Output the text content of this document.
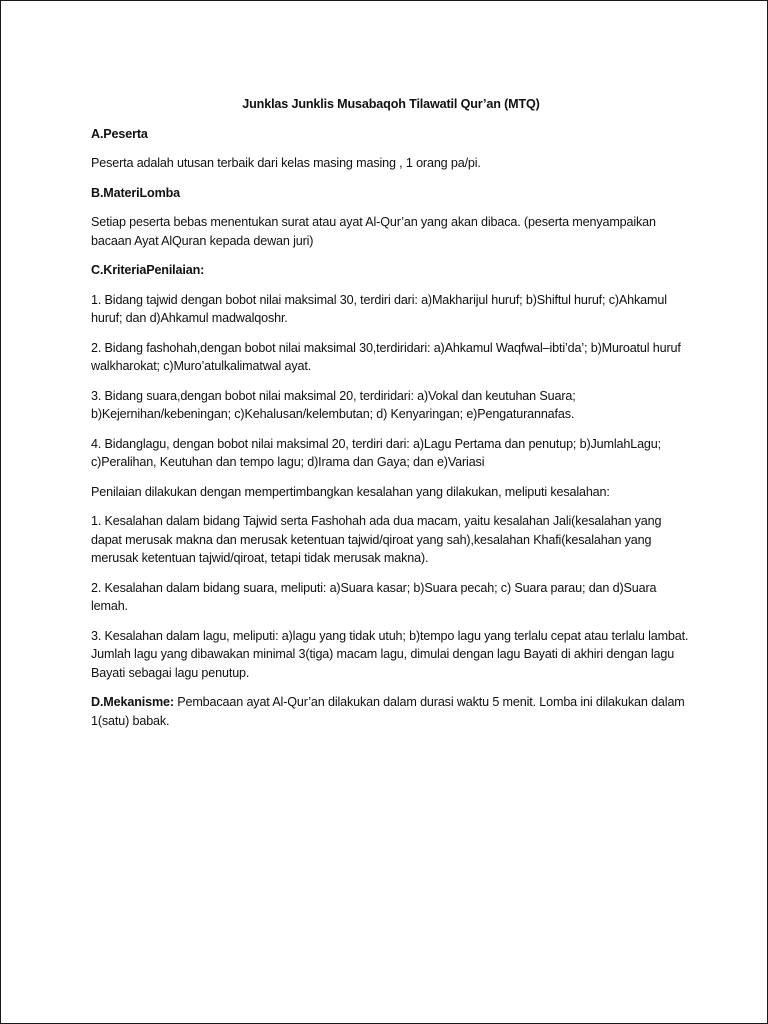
Junklas Junklis Musabaqoh Tilawatil Qur’an (MTQ)

A.Peserta

Peserta adalah utusan terbaik dari kelas masing masing , 1 orang pa/pi.

B.MateriLomba

Setiap peserta bebas menentukan surat atau ayat Al-Qur’an yang akan dibaca. (peserta menyampaikan bacaan Ayat AlQuran kepada dewan juri)

C.KriteriaPenilaian:

1. Bidang tajwid dengan bobot nilai maksimal 30, terdiri dari: a)Makharijul huruf; b)Shiftul huruf; c)Ahkamul huruf; dan d)Ahkamul madwalqoshr.

2. Bidang fashohah,dengan bobot nilai maksimal 30,terdiridari: a)Ahkamul Waqfwal–ibti’da’; b)Muroatul huruf walkharokat; c)Muro’atulkalimatwal ayat.

3. Bidang suara,dengan bobot nilai maksimal 20, terdiridari: a)Vokal dan keutuhan Suara; b)Kejernihan/kebeningan; c)Kehalusan/kelembutan; d) Kenyaringan; e)Pengaturannafas.

4. Bidanglagu, dengan bobot nilai maksimal 20, terdiri dari: a)Lagu Pertama dan penutup; b)JumlahLagu; c)Peralihan, Keutuhan dan tempo lagu; d)Irama dan Gaya; dan e)Variasi

Penilaian dilakukan dengan mempertimbangkan kesalahan yang dilakukan, meliputi kesalahan:

1. Kesalahan dalam bidang Tajwid serta Fashohah ada dua macam, yaitu kesalahan Jali(kesalahan yang dapat merusak makna dan merusak ketentuan tajwid/qiroat yang sah),kesalahan Khafi(kesalahan yang merusak ketentuan tajwid/qiroat, tetapi tidak merusak makna).

2. Kesalahan dalam bidang suara, meliputi: a)Suara kasar; b)Suara pecah; c) Suara parau; dan d)Suara lemah.

3. Kesalahan dalam lagu, meliputi: a)lagu yang tidak utuh; b)tempo lagu yang terlalu cepat atau terlalu lambat. Jumlah lagu yang dibawakan minimal 3(tiga) macam lagu, dimulai dengan lagu Bayati di akhiri dengan lagu Bayati sebagai lagu penutup.

D.Mekanisme: Pembacaan ayat Al-Qur’an dilakukan dalam durasi waktu 5 menit. Lomba ini dilakukan dalam 1(satu) babak.
